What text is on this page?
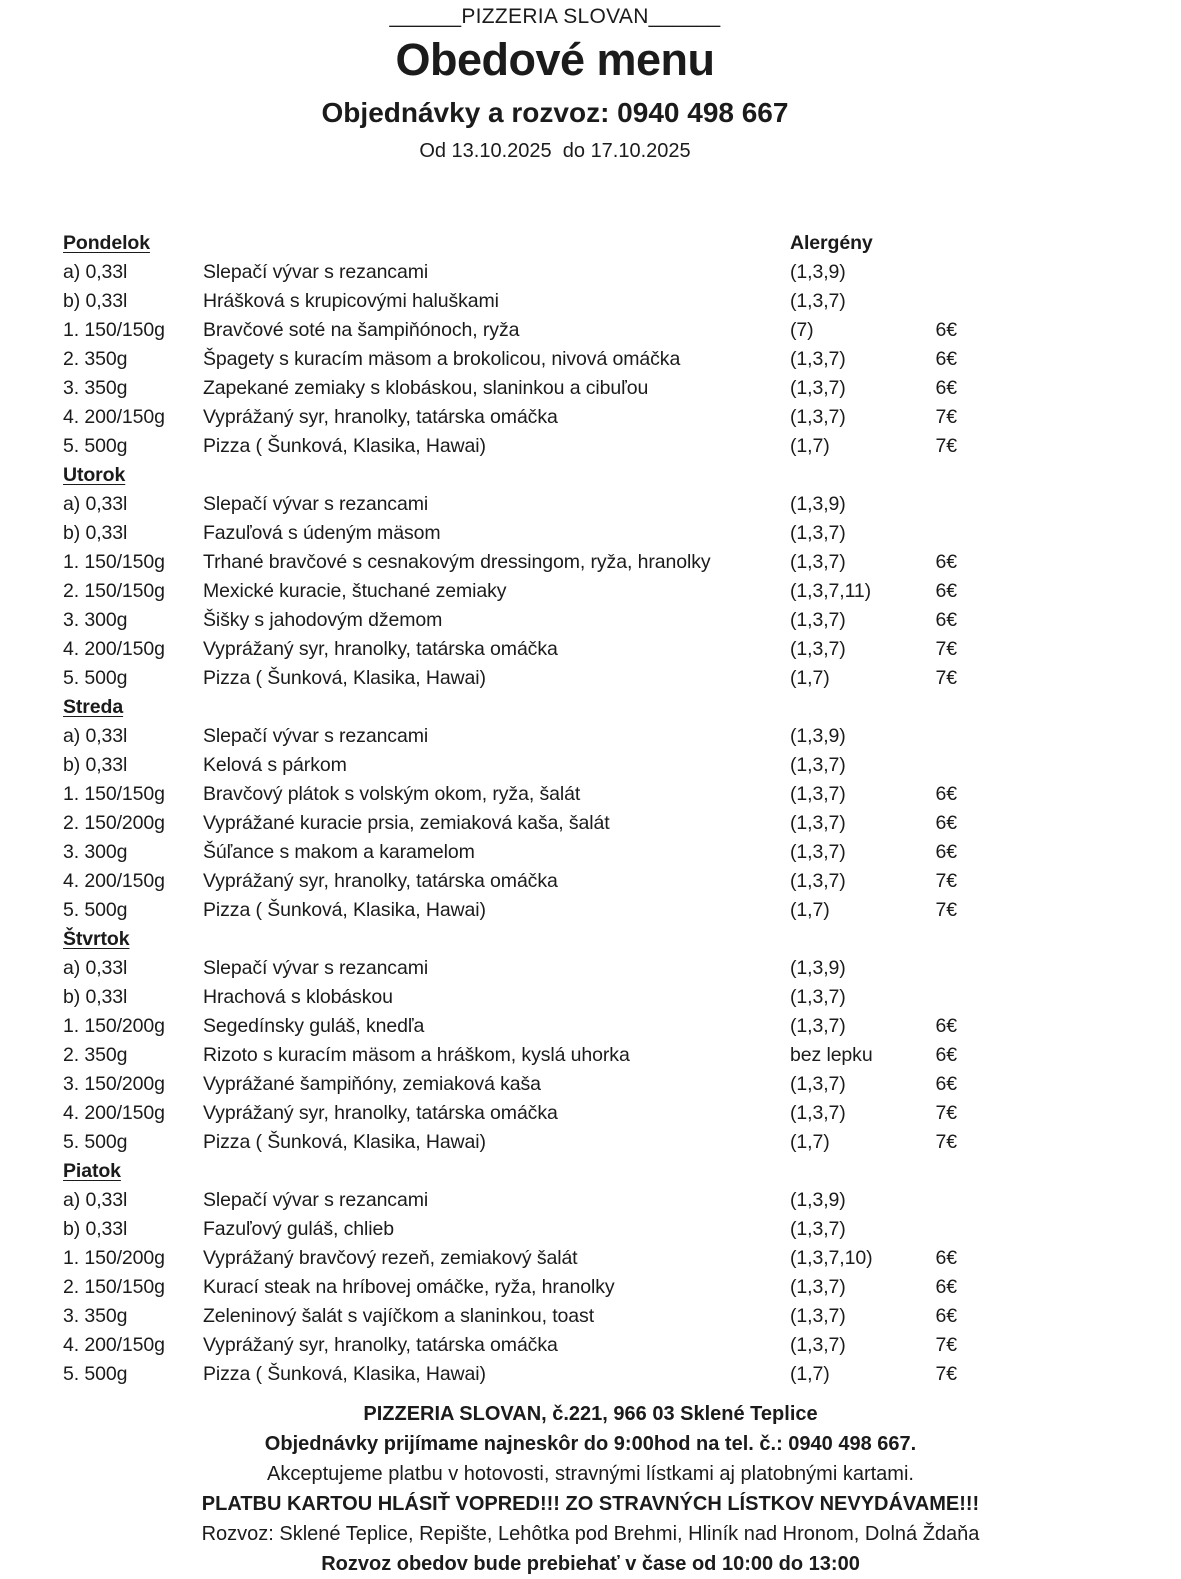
______PIZZERIA SLOVAN______
Obedové menu
Objednávky a rozvoz: 0940 498 667
Od 13.10.2025  do 17.10.2025
Pondelok	Alergény
a) 0,33l	Slepačí vývar s rezancami	(1,3,9)
b) 0,33l	Hrášková s krupicovými haluškami	(1,3,7)
1. 150/150g	Bravčové soté na šampiňónoch, ryža	(7)	6€
2. 350g	Špagety s kuracím mäsom a brokolicou, nivová omáčka	(1,3,7)	6€
3. 350g	Zapekané zemiaky s klobáskou, slaninkou a cibuľou	(1,3,7)	6€
4. 200/150g	Vyprážaný syr, hranolky, tatárska omáčka	(1,3,7)	7€
5. 500g	Pizza ( Šunková, Klasika, Hawai)	(1,7)	7€
Utorok
a) 0,33l	Slepačí vývar s rezancami	(1,3,9)
b) 0,33l	Fazuľová s údeným mäsom	(1,3,7)
1. 150/150g	Trhané bravčové s cesnakovým dressingom, ryža, hranolky	(1,3,7)	6€
2. 150/150g	Mexické kuracie, štuchané zemiaky	(1,3,7,11)	6€
3. 300g	Šišky s jahodovým džemom	(1,3,7)	6€
4. 200/150g	Vyprážaný syr, hranolky, tatárska omáčka	(1,3,7)	7€
5. 500g	Pizza ( Šunková, Klasika, Hawai)	(1,7)	7€
Streda
a) 0,33l	Slepačí vývar s rezancami	(1,3,9)
b) 0,33l	Kelová s párkom	(1,3,7)
1. 150/150g	Bravčový plátok s volským okom, ryža, šalát	(1,3,7)	6€
2. 150/200g	Vyprážané kuracie prsia, zemiaková kaša, šalát	(1,3,7)	6€
3. 300g	Šúľance s makom a karamelom	(1,3,7)	6€
4. 200/150g	Vyprážaný syr, hranolky, tatárska omáčka	(1,3,7)	7€
5. 500g	Pizza ( Šunková, Klasika, Hawai)	(1,7)	7€
Štvrtok
a) 0,33l	Slepačí vývar s rezancami	(1,3,9)
b) 0,33l	Hrachová s klobáskou	(1,3,7)
1. 150/200g	Segedínsky guláš, knedľa	(1,3,7)	6€
2. 350g	Rizoto s kuracím mäsom a hráškom, kyslá uhorka	bez lepku	6€
3. 150/200g	Vyprážané šampiňóny, zemiaková kaša	(1,3,7)	6€
4. 200/150g	Vyprážaný syr, hranolky, tatárska omáčka	(1,3,7)	7€
5. 500g	Pizza ( Šunková, Klasika, Hawai)	(1,7)	7€
Piatok
a) 0,33l	Slepačí vývar s rezancami	(1,3,9)
b) 0,33l	Fazuľový guláš, chlieb	(1,3,7)
1. 150/200g	Vyprážaný bravčový rezeň, zemiakový šalát	(1,3,7,10)	6€
2. 150/150g	Kurací steak na hríbovej omáčke, ryža, hranolky	(1,3,7)	6€
3. 350g	Zeleninový šalát s vajíčkom a slaninkou, toast	(1,3,7)	6€
4. 200/150g	Vyprážaný syr, hranolky, tatárska omáčka	(1,3,7)	7€
5. 500g	Pizza ( Šunková, Klasika, Hawai)	(1,7)	7€
PIZZERIA SLOVAN, č.221, 966 03 Sklené Teplice
Objednávky prijímame najneskôr do 9:00hod na tel. č.: 0940 498 667.
Akceptujeme platbu v hotovosti, stravnými lístkami aj platobnými kartami.
PLATBU KARTOU HLÁSIŤ VOPRED!!! ZO STRAVNÝCH LÍSTKOV NEVYDÁVAME!!!
Rozvoz: Sklené Teplice, Repište, Lehôtka pod Brehmi, Hliník nad Hronom, Dolná Ždaňa
Rozvoz obedov bude prebiehať v čase od 10:00 do 13:00
